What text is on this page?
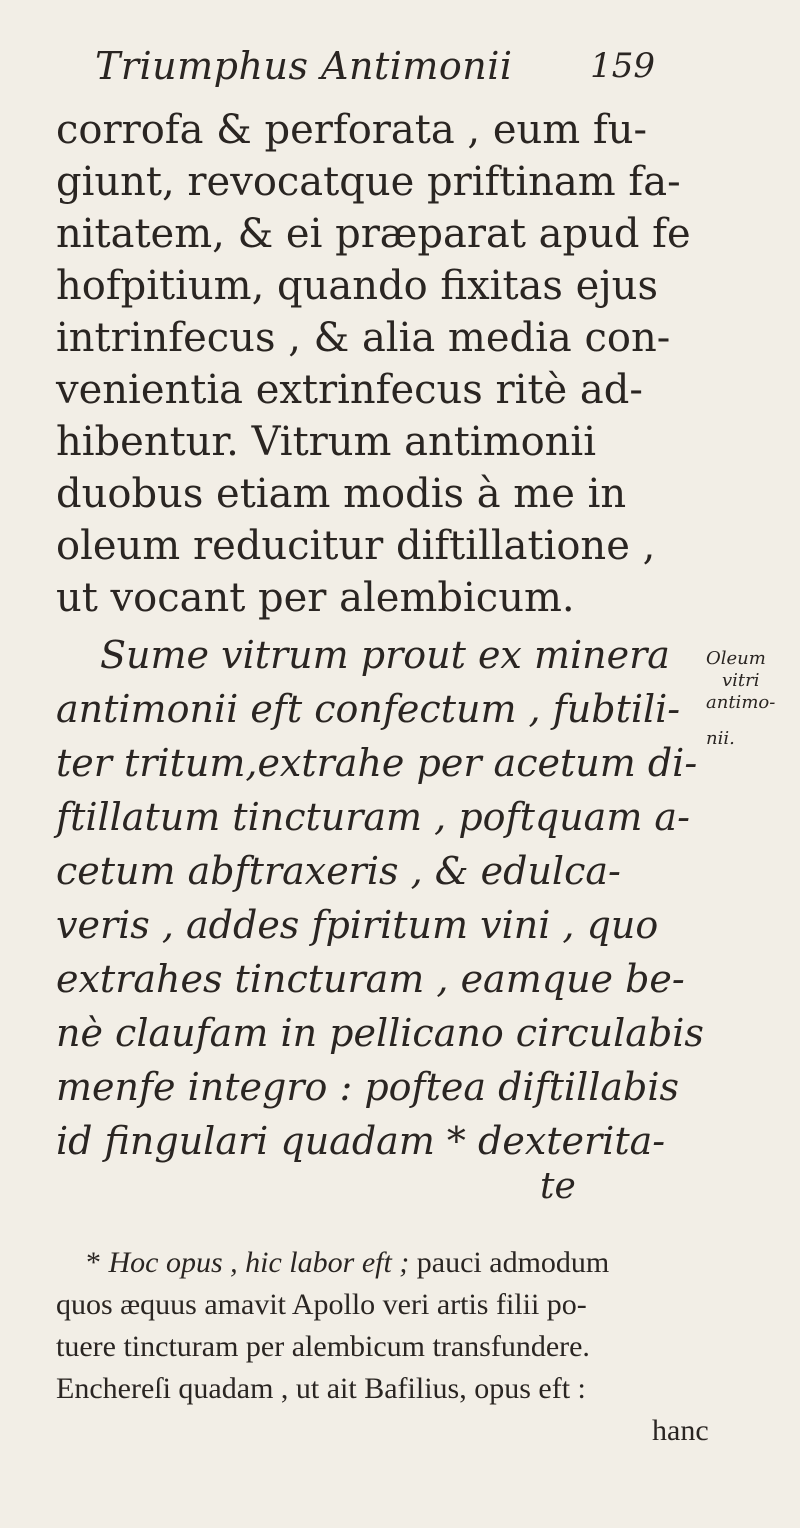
Triumphus Antimonii 159
corrofa & perforata , eum fu-
giunt, revocatque priftinam fa-
nitatem, & ei præparat apud fe
hofpitium, quando fixitas ejus
intrinfecus , & alia media con-
venientia extrinfecus ritè ad-
hibentur. Vitrum antimonii
duobus etiam modis à me in
oleum reducitur diftillatione ,
ut vocant per alembicum.
Sume vitrum prout ex minera
antimonii eft confectum , fubtili-
ter tritum,extrahe per acetum di-
ftillatum tincturam , poftquam a-
cetum abftraxeris , & edulca-
veris , addes fpiritum vini , quo
extrahes tincturam , eamque be-
nè claufam in pellicano circulabis
menfe integro : poftea diftillabis
id fingulari quadam * dexterita-
te
Oleum
vitri
antimo-
nii.
* Hoc opus , hic labor eft ; pauci admodum
quos æquus amavit Apollo veri artis filii po-
tuere tincturam per alembicum transfundere.
Enchereſi quadam , ut ait Bafilius, opus eft :
hanc
